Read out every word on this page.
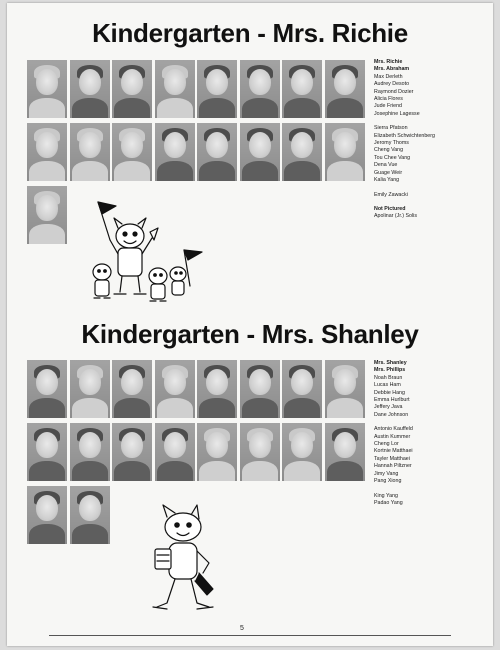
Kindergarten - Mrs. Richie
Mrs. Richie
Mrs. Abraham
Max Derleth
Audrey Desoto
Raymond Dozier
Alicia Flores
Jude Friend
Josephine Lagesse
Sierra Pfatson
Elizabeth Schwichtenberg
Jeromy Thoms
Cheng Vang
Tou Chee Vang
Dena Vue
Guage Weir
Kalia Yang
Emily Zawacki
Not Pictured
Apolinar (Jr.) Solis
Kindergarten - Mrs. Shanley
Mrs. Shanley
Mrs. Phillips
Noah Braun
Lucas Ham
Debbie Hang
Emma Hurlburt
Jeffery Java
Dane Johnson
Antonio Kauffeld
Austin Kummer
Cheng Lor
Kortnie Matthaei
Tayler Matthaei
Hannah Piltzner
Jimy Vang
Pang Xiong
King Yang
Padao Yang
5
